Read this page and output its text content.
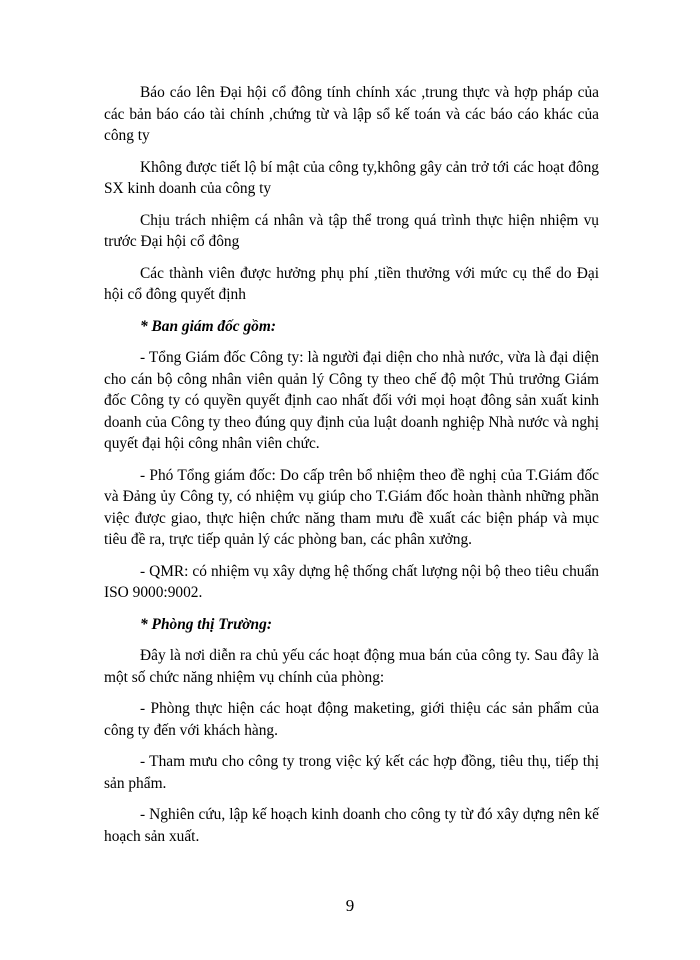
Báo cáo lên Đại hội cổ đông tính chính xác ,trung thực và hợp pháp của các bản báo cáo tài chính ,chứng từ và lập sổ kế toán và các báo cáo khác của công ty

Không được tiết lộ bí mật của công ty,không gây cản trở tới các hoạt đông SX kinh doanh của công ty

Chịu trách nhiệm cá nhân và tập thể trong quá trình thực hiện nhiệm vụ trước Đại hội cổ đông

Các thành viên được hưởng phụ phí ,tiền thưởng với mức cụ thể do Đại hội cổ đông quyết định

* Ban giám đốc gồm:

- Tổng Giám đốc Công ty: là người đại diện cho nhà nước, vừa là đại diện cho cán bộ công nhân viên quản lý Công ty theo chế độ một Thủ trưởng Giám đốc Công ty có quyền quyết định cao nhất đối với mọi hoạt đông sản xuất kinh doanh của Công ty theo đúng quy định của luật doanh nghiệp Nhà nước và nghị quyết đại hội công nhân viên chức.

- Phó Tổng giám đốc: Do cấp trên bổ nhiệm theo đề nghị của T.Giám đốc và Đảng ủy Công ty, có nhiệm vụ giúp cho T.Giám đốc hoàn thành những phần việc được giao, thực hiện chức năng tham mưu đề xuất các biện pháp và mục tiêu đề ra, trực tiếp quản lý các phòng ban, các phân xưởng.

- QMR: có nhiệm vụ xây dựng hệ thống chất lượng nội bộ theo tiêu chuẩn ISO 9000:9002.

* Phòng thị Trường:

Đây là nơi diễn ra chủ yếu các hoạt động mua bán của công ty. Sau đây là một số chức năng nhiệm vụ chính của phòng:

- Phòng thực hiện các hoạt động maketing, giới thiệu các sản phẩm của công ty đến với khách hàng.

- Tham mưu cho công ty trong việc ký kết các hợp đồng, tiêu thụ, tiếp thị sản phẩm.

- Nghiên cứu, lập kế hoạch kinh doanh cho công ty từ đó xây dựng nên kế hoạch sản xuất.

9
